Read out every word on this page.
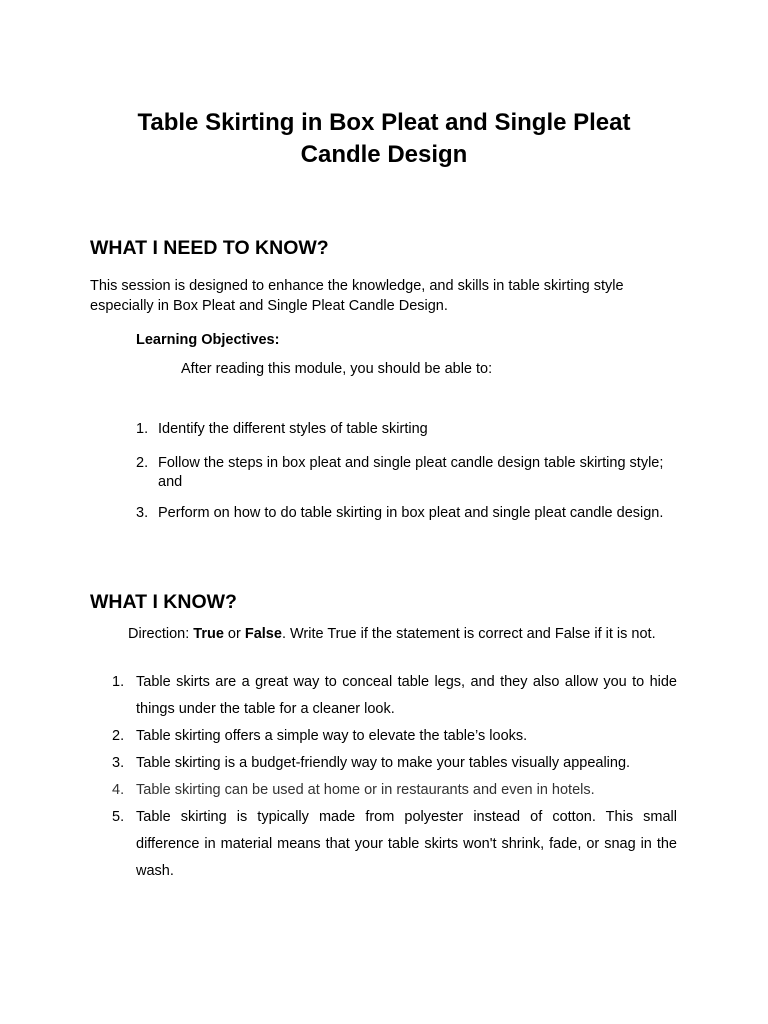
Table Skirting in Box Pleat and Single Pleat
Candle Design
WHAT I NEED TO KNOW?
This session is designed to enhance the knowledge, and skills in table skirting style especially in Box Pleat and Single Pleat Candle Design.
Learning Objectives:
After reading this module, you should be able to:
1. Identify the different styles of table skirting
2. Follow the steps in box pleat and single pleat candle design table skirting style; and
3. Perform on how to do table skirting in box pleat and single pleat candle design.
WHAT I KNOW?
Direction: True or False. Write True if the statement is correct and False if it is not.
1. Table skirts are a great way to conceal table legs, and they also allow you to hide things under the table for a cleaner look.
2. Table skirting offers a simple way to elevate the table’s looks.
3. Table skirting is a budget-friendly way to make your tables visually appealing.
4. Table skirting can be used at home or in restaurants and even in hotels.
5. Table skirting is typically made from polyester instead of cotton. This small difference in material means that your table skirts won't shrink, fade, or snag in the wash.
